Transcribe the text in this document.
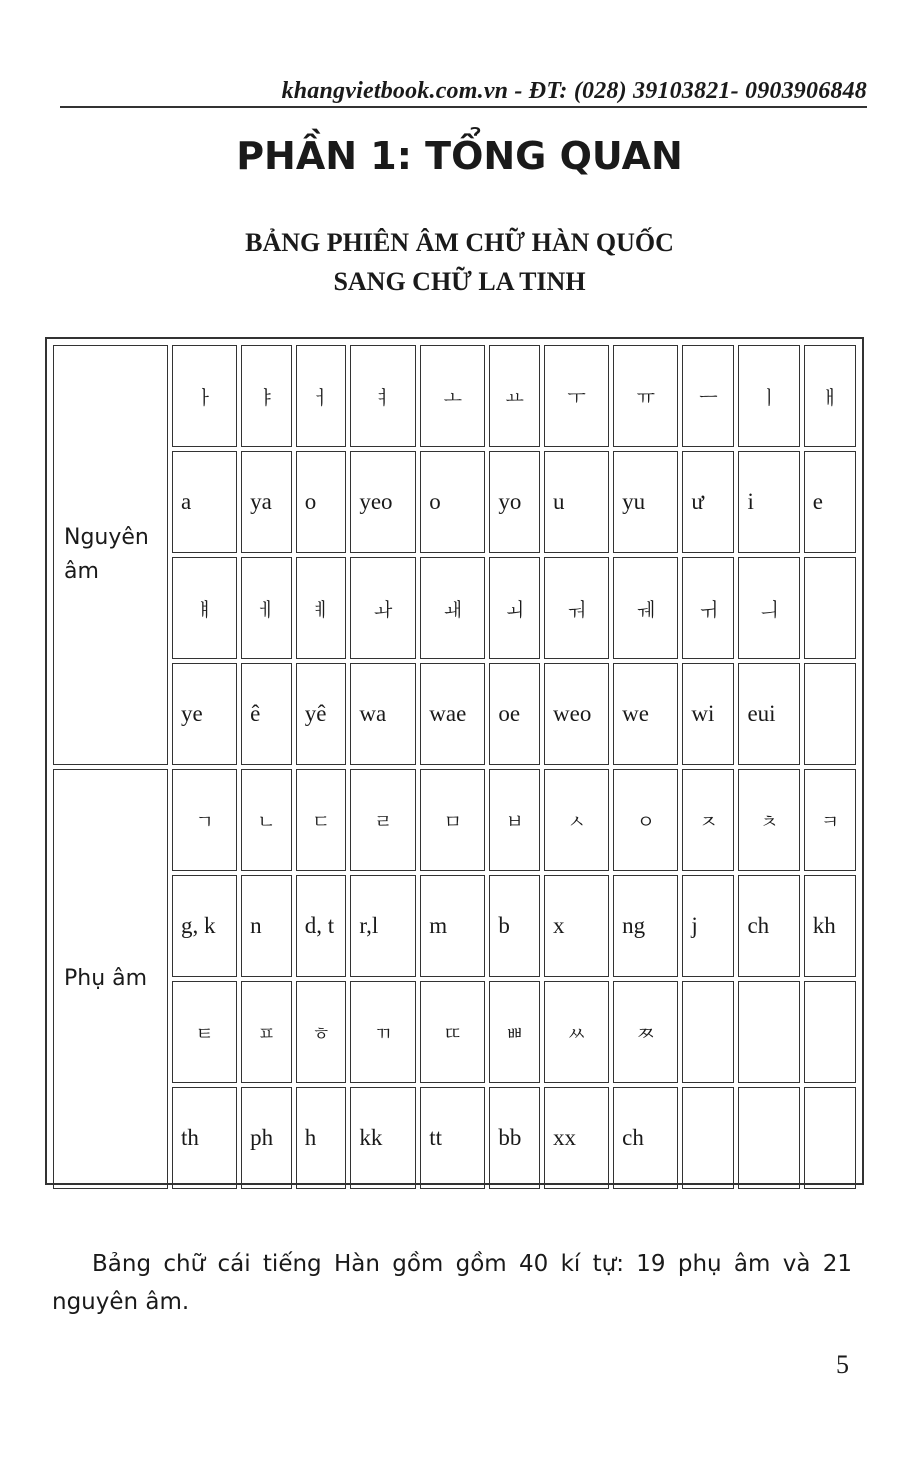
khangvietbook.com.vn - ĐT: (028) 39103821- 0903906848
PHẦN 1: TỔNG QUAN
BẢNG PHIÊN ÂM CHỮ HÀN QUỐC
SANG CHỮ LA TINH
Nguyên âm	ㅏ	ㅑ	ㅓ	ㅕ	ㅗ	ㅛ	ㅜ	ㅠ	ㅡ	ㅣ	ㅐ
	a	ya	o	yeo	o	yo	u	yu	ư	i	e
	ㅒ	ㅔ	ㅖ	ㅘ	ㅙ	ㅚ	ㅝ	ㅞ	ㅟ	ㅢ	
	ye	ê	yê	wa	wae	oe	weo	we	wi	eui	
Phụ âm	ㄱ	ㄴ	ㄷ	ㄹ	ㅁ	ㅂ	ㅅ	ㅇ	ㅈ	ㅊ	ㅋ
	g, k	n	d, t	r,l	m	b	x	ng	j	ch	kh
	ㅌ	ㅍ	ㅎ	ㄲ	ㄸ	ㅃ	ㅆ	ㅉ			
	th	ph	h	kk	tt	bb	xx	ch			

Bảng chữ cái tiếng Hàn gồm gồm 40 kí tự: 19 phụ âm và 21 nguyên âm.

5
